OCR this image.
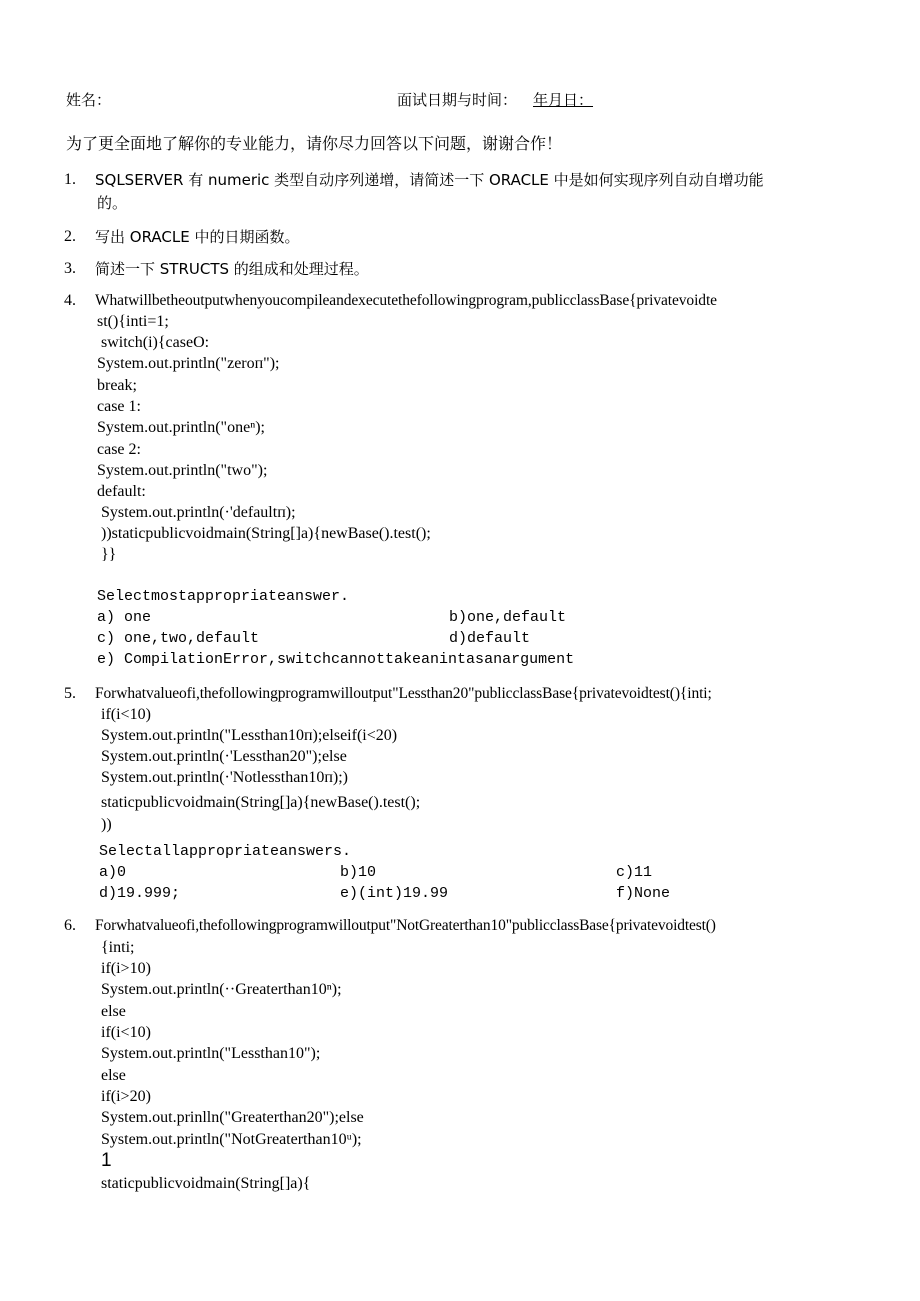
姓名：	面试日期与时间： 年月日：
为了更全面地了解你的专业能力，请你尽力回答以下问题，谢谢合作！
1. SQLSERVER 有 numeric 类型自动序列递增，请简述一下 ORACLE 中是如何实现序列自动自增功能
的。
2. 写出 ORACLE 中的日期函数。
3. 简述一下 STRUCTS 的组成和处理过程。
4. Whatwillbetheoutputwhenyoucompileandexecutethefollowingprogram,publicclassBase{privatevoidte
st(){inti=1;
switch(i){caseO:
System.out.println("zeroᴨ");
break;
case 1:
System.out.println("oneⁿ);
case 2:
System.out.println("two");
default:
System.out.println(·'defaultᴨ);
))staticpublicvoidmain(String[]a){newBase().test();
}}
Selectmostappropriateanswer.
a) one	b)one,default
c) one,two,default	d)default
e) CompilationError,switchcannottakeanintasanargument
5. Forwhatvalueofi,thefollowingprogramwilloutput"Lessthan20"publicclassBase{privatevoidtest(){inti;
if(i<10)
System.out.println("Lessthan10ᴨ);elseif(i<20)
System.out.println(·'Lessthan20");else
System.out.println(·'Notlessthan10ᴨ);)
staticpublicvoidmain(String[]a){newBase().test();
))
Selectallappropriateanswers.
a)0	b)10	c)11
d)19.999;	e)(int)19.99	f)None
6. Forwhatvalueofi,thefollowingprogramwilloutput"NotGreaterthan10"publicclassBase{privatevoidtest()
{inti;
if(i>10)
System.out.println(··Greaterthan10ⁿ);
else
if(i<10)
System.out.println("Lessthan10");
else
if(i>20)
System.out.prinlln("Greaterthan20");else
System.out.println("NotGreaterthan10ᵘ);
1
staticpublicvoidmain(String[]a){
